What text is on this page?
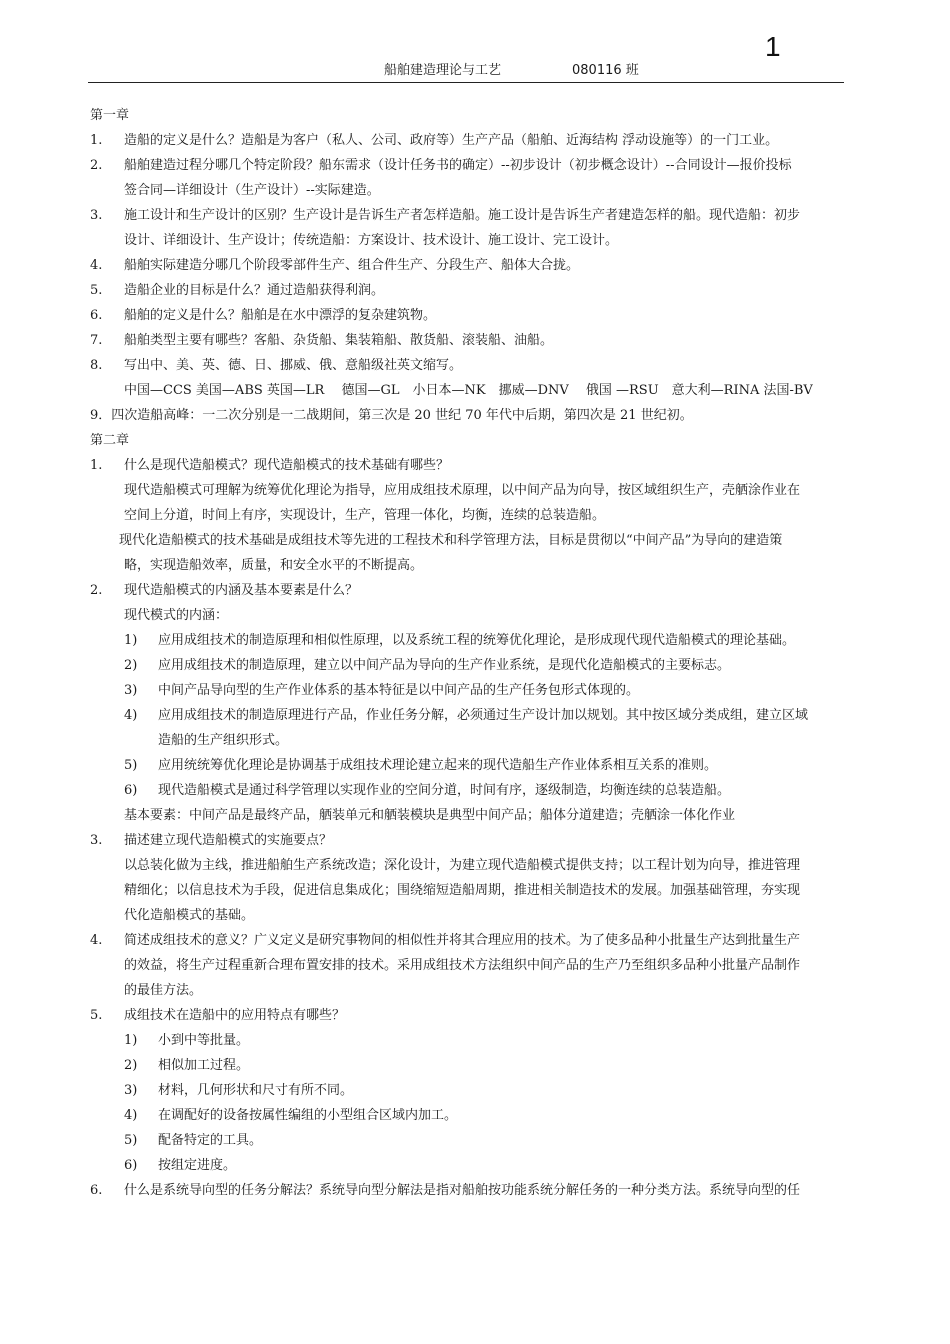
1
船舶建造理论与工艺	080116 班
第一章
1. 造船的定义是什么？造船是为客户（私人、公司、政府等）生产产品（船舶、近海结构 浮动设施等）的一门工业。
2. 船舶建造过程分哪几个特定阶段？船东需求（设计任务书的确定）--初步设计（初步概念设计）--合同设计—报价投标
签合同—详细设计（生产设计）--实际建造。
3. 施工设计和生产设计的区别？生产设计是告诉生产者怎样造船。施工设计是告诉生产者建造怎样的船。现代造船：初步
设计、详细设计、生产设计；传统造船：方案设计、技术设计、施工设计、完工设计。
4. 船舶实际建造分哪几个阶段零部件生产、组合件生产、分段生产、船体大合拢。
5. 造船企业的目标是什么？通过造船获得利润。
6. 船舶的定义是什么？船舶是在水中漂浮的复杂建筑物。
7. 船舶类型主要有哪些？客船、杂货船、集装箱船、散货船、滚装船、油船。
8. 写出中、美、英、德、日、挪威、俄、意船级社英文缩写。
中国—CCS 美国—ABS 英国—LR　 德国—GL　小日本—NK　挪威—DNV　 俄国 —RSU　意大利—RINA 法国-BV
9．四次造船高峰：一二次分别是一二战期间，第三次是 20 世纪 70 年代中后期，第四次是 21 世纪初。
第二章
1. 什么是现代造船模式？现代造船模式的技术基础有哪些？
现代造船模式可理解为统筹优化理论为指导，应用成组技术原理，以中间产品为向导，按区域组织生产，壳舾涂作业在
空间上分道，时间上有序，实现设计，生产，管理一体化，均衡，连续的总装造船。
现代化造船模式的技术基础是成组技术等先进的工程技术和科学管理方法，目标是贯彻以“中间产品”为导向的建造策
略，实现造船效率，质量，和安全水平的不断提高。
2. 现代造船模式的内涵及基本要素是什么？
现代模式的内涵：
1) 应用成组技术的制造原理和相似性原理，以及系统工程的统筹优化理论，是形成现代现代造船模式的理论基础。
2) 应用成组技术的制造原理，建立以中间产品为导向的生产作业系统，是现代化造船模式的主要标志。
3) 中间产品导向型的生产作业体系的基本特征是以中间产品的生产任务包形式体现的。
4) 应用成组技术的制造原理进行产品，作业任务分解，必须通过生产设计加以规划。其中按区域分类成组，建立区域
造船的生产组织形式。
5) 应用统统筹优化理论是协调基于成组技术理论建立起来的现代造船生产作业体系相互关系的准则。
6) 现代造船模式是通过科学管理以实现作业的空间分道，时间有序，逐级制造，均衡连续的总装造船。
基本要素：中间产品是最终产品，舾装单元和舾装模块是典型中间产品；船体分道建造；壳舾涂一体化作业
3. 描述建立现代造船模式的实施要点？
以总装化做为主线，推进船舶生产系统改造；深化设计，为建立现代造船模式提供支持；以工程计划为向导，推进管理
精细化；以信息技术为手段，促进信息集成化；围绕缩短造船周期，推进相关制造技术的发展。加强基础管理，夯实现
代化造船模式的基础。
4. 简述成组技术的意义？广义定义是研究事物间的相似性并将其合理应用的技术。为了使多品种小批量生产达到批量生产
的效益，将生产过程重新合理布置安排的技术。采用成组技术方法组织中间产品的生产乃至组织多品种小批量产品制作
的最佳方法。
5. 成组技术在造船中的应用特点有哪些？
1) 小到中等批量。
2) 相似加工过程。
3) 材料，几何形状和尺寸有所不同。
4) 在调配好的设备按属性编组的小型组合区域内加工。
5) 配备特定的工具。
6) 按组定进度。
6. 什么是系统导向型的任务分解法？系统导向型分解法是指对船舶按功能系统分解任务的一种分类方法。系统导向型的任
